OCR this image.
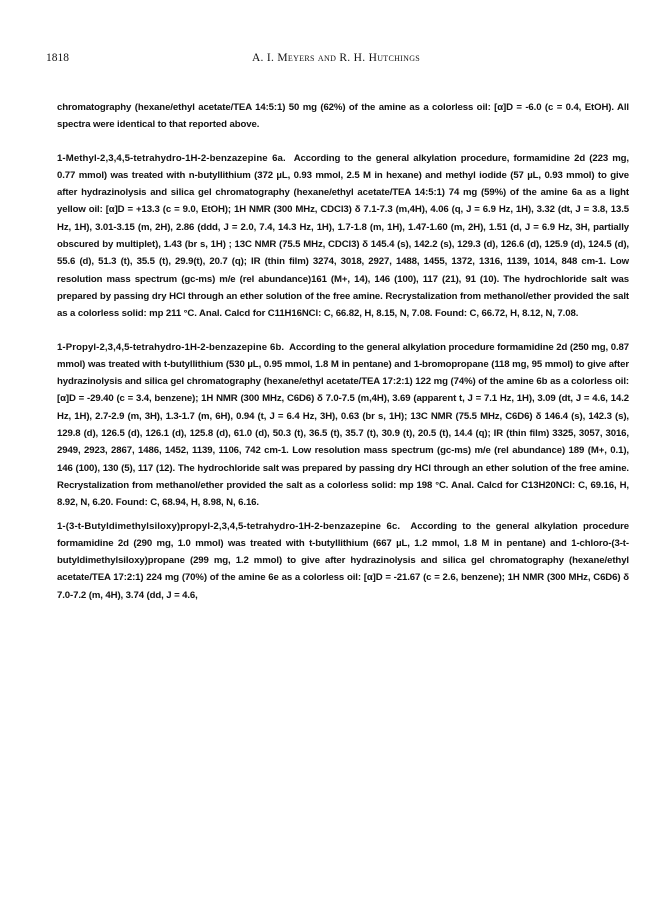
1818	A. I. Meyers and R. H. Hutchings

chromatography (hexane/ethyl acetate/TEA 14:5:1) 50 mg (62%) of the amine as a colorless oil: [α]D = -6.0 (c = 0.4, EtOH). All spectra were identical to that reported above.

1-Methyl-2,3,4,5-tetrahydro-1H-2-benzazepine 6a. According to the general alkylation procedure, formamidine 2d (223 mg, 0.77 mmol) was treated with n-butyllithium (372 µL, 0.93 mmol, 2.5 M in hexane) and methyl iodide (57 µL, 0.93 mmol) to give after hydrazinolysis and silica gel chromatography (hexane/ethyl acetate/TEA 14:5:1) 74 mg (59%) of the amine 6a as a light yellow oil: [α]D = +13.3 (c = 9.0, EtOH); 1H NMR (300 MHz, CDCl3) δ 7.1-7.3 (m,4H), 4.06 (q, J = 6.9 Hz, 1H), 3.32 (dt, J = 3.8, 13.5 Hz, 1H), 3.01-3.15 (m, 2H), 2.86 (ddd, J = 2.0, 7.4, 14.3 Hz, 1H), 1.7-1.8 (m, 1H), 1.47-1.60 (m, 2H), 1.51 (d, J = 6.9 Hz, 3H, partially obscured by multiplet), 1.43 (br s, 1H) ; 13C NMR (75.5 MHz, CDCl3) δ 145.4 (s), 142.2 (s), 129.3 (d), 126.6 (d), 125.9 (d), 124.5 (d), 55.6 (d), 51.3 (t), 35.5 (t), 29.9(t), 20.7 (q); IR (thin film) 3274, 3018, 2927, 1488, 1455, 1372, 1316, 1139, 1014, 848 cm-1. Low resolution mass spectrum (gc-ms) m/e (rel abundance)161 (M+, 14), 146 (100), 117 (21), 91 (10). The hydrochloride salt was prepared by passing dry HCl through an ether solution of the free amine. Recrystalization from methanol/ether provided the salt as a colorless solid: mp 211 °C. Anal. Calcd for C11H16NCl: C, 66.82, H, 8.15, N, 7.08. Found: C, 66.72, H, 8.12, N, 7.08.

1-Propyl-2,3,4,5-tetrahydro-1H-2-benzazepine 6b. According to the general alkylation procedure formamidine 2d (250 mg, 0.87 mmol) was treated with t-butyllithium (530 µL, 0.95 mmol, 1.8 M in pentane) and 1-bromopropane (118 mg, 95 mmol) to give after hydrazinolysis and silica gel chromatography (hexane/ethyl acetate/TEA 17:2:1) 122 mg (74%) of the amine 6b as a colorless oil: [α]D = -29.40 (c = 3.4, benzene); 1H NMR (300 MHz, C6D6) δ 7.0-7.5 (m,4H), 3.69 (apparent t, J = 7.1 Hz, 1H), 3.09 (dt, J = 4.6, 14.2 Hz, 1H), 2.7-2.9 (m, 3H), 1.3-1.7 (m, 6H), 0.94 (t, J = 6.4 Hz, 3H), 0.63 (br s, 1H); 13C NMR (75.5 MHz, C6D6) δ 146.4 (s), 142.3 (s), 129.8 (d), 126.5 (d), 126.1 (d), 125.8 (d), 61.0 (d), 50.3 (t), 36.5 (t), 35.7 (t), 30.9 (t), 20.5 (t), 14.4 (q); IR (thin film) 3325, 3057, 3016, 2949, 2923, 2867, 1486, 1452, 1139, 1106, 742 cm-1. Low resolution mass spectrum (gc-ms) m/e (rel abundance) 189 (M+, 0.1), 146 (100), 130 (5), 117 (12). The hydrochloride salt was prepared by passing dry HCl through an ether solution of the free amine. Recrystalization from methanol/ether provided the salt as a colorless solid: mp 198 °C. Anal. Calcd for C13H20NCl: C, 69.16, H, 8.92, N, 6.20. Found: C, 68.94, H, 8.98, N, 6.16.

1-(3-t-Butyldimethylsiloxy)propyl-2,3,4,5-tetrahydro-1H-2-benzazepine 6c. According to the general alkylation procedure formamidine 2d (290 mg, 1.0 mmol) was treated with t-butyllithium (667 µL, 1.2 mmol, 1.8 M in pentane) and 1-chloro-(3-t-butyldimethylsiloxy)propane (299 mg, 1.2 mmol) to give after hydrazinolysis and silica gel chromatography (hexane/ethyl acetate/TEA 17:2:1) 224 mg (70%) of the amine 6e as a colorless oil: [α]D = -21.67 (c = 2.6, benzene); 1H NMR (300 MHz, C6D6) δ 7.0-7.2 (m, 4H), 3.74 (dd, J = 4.6,
